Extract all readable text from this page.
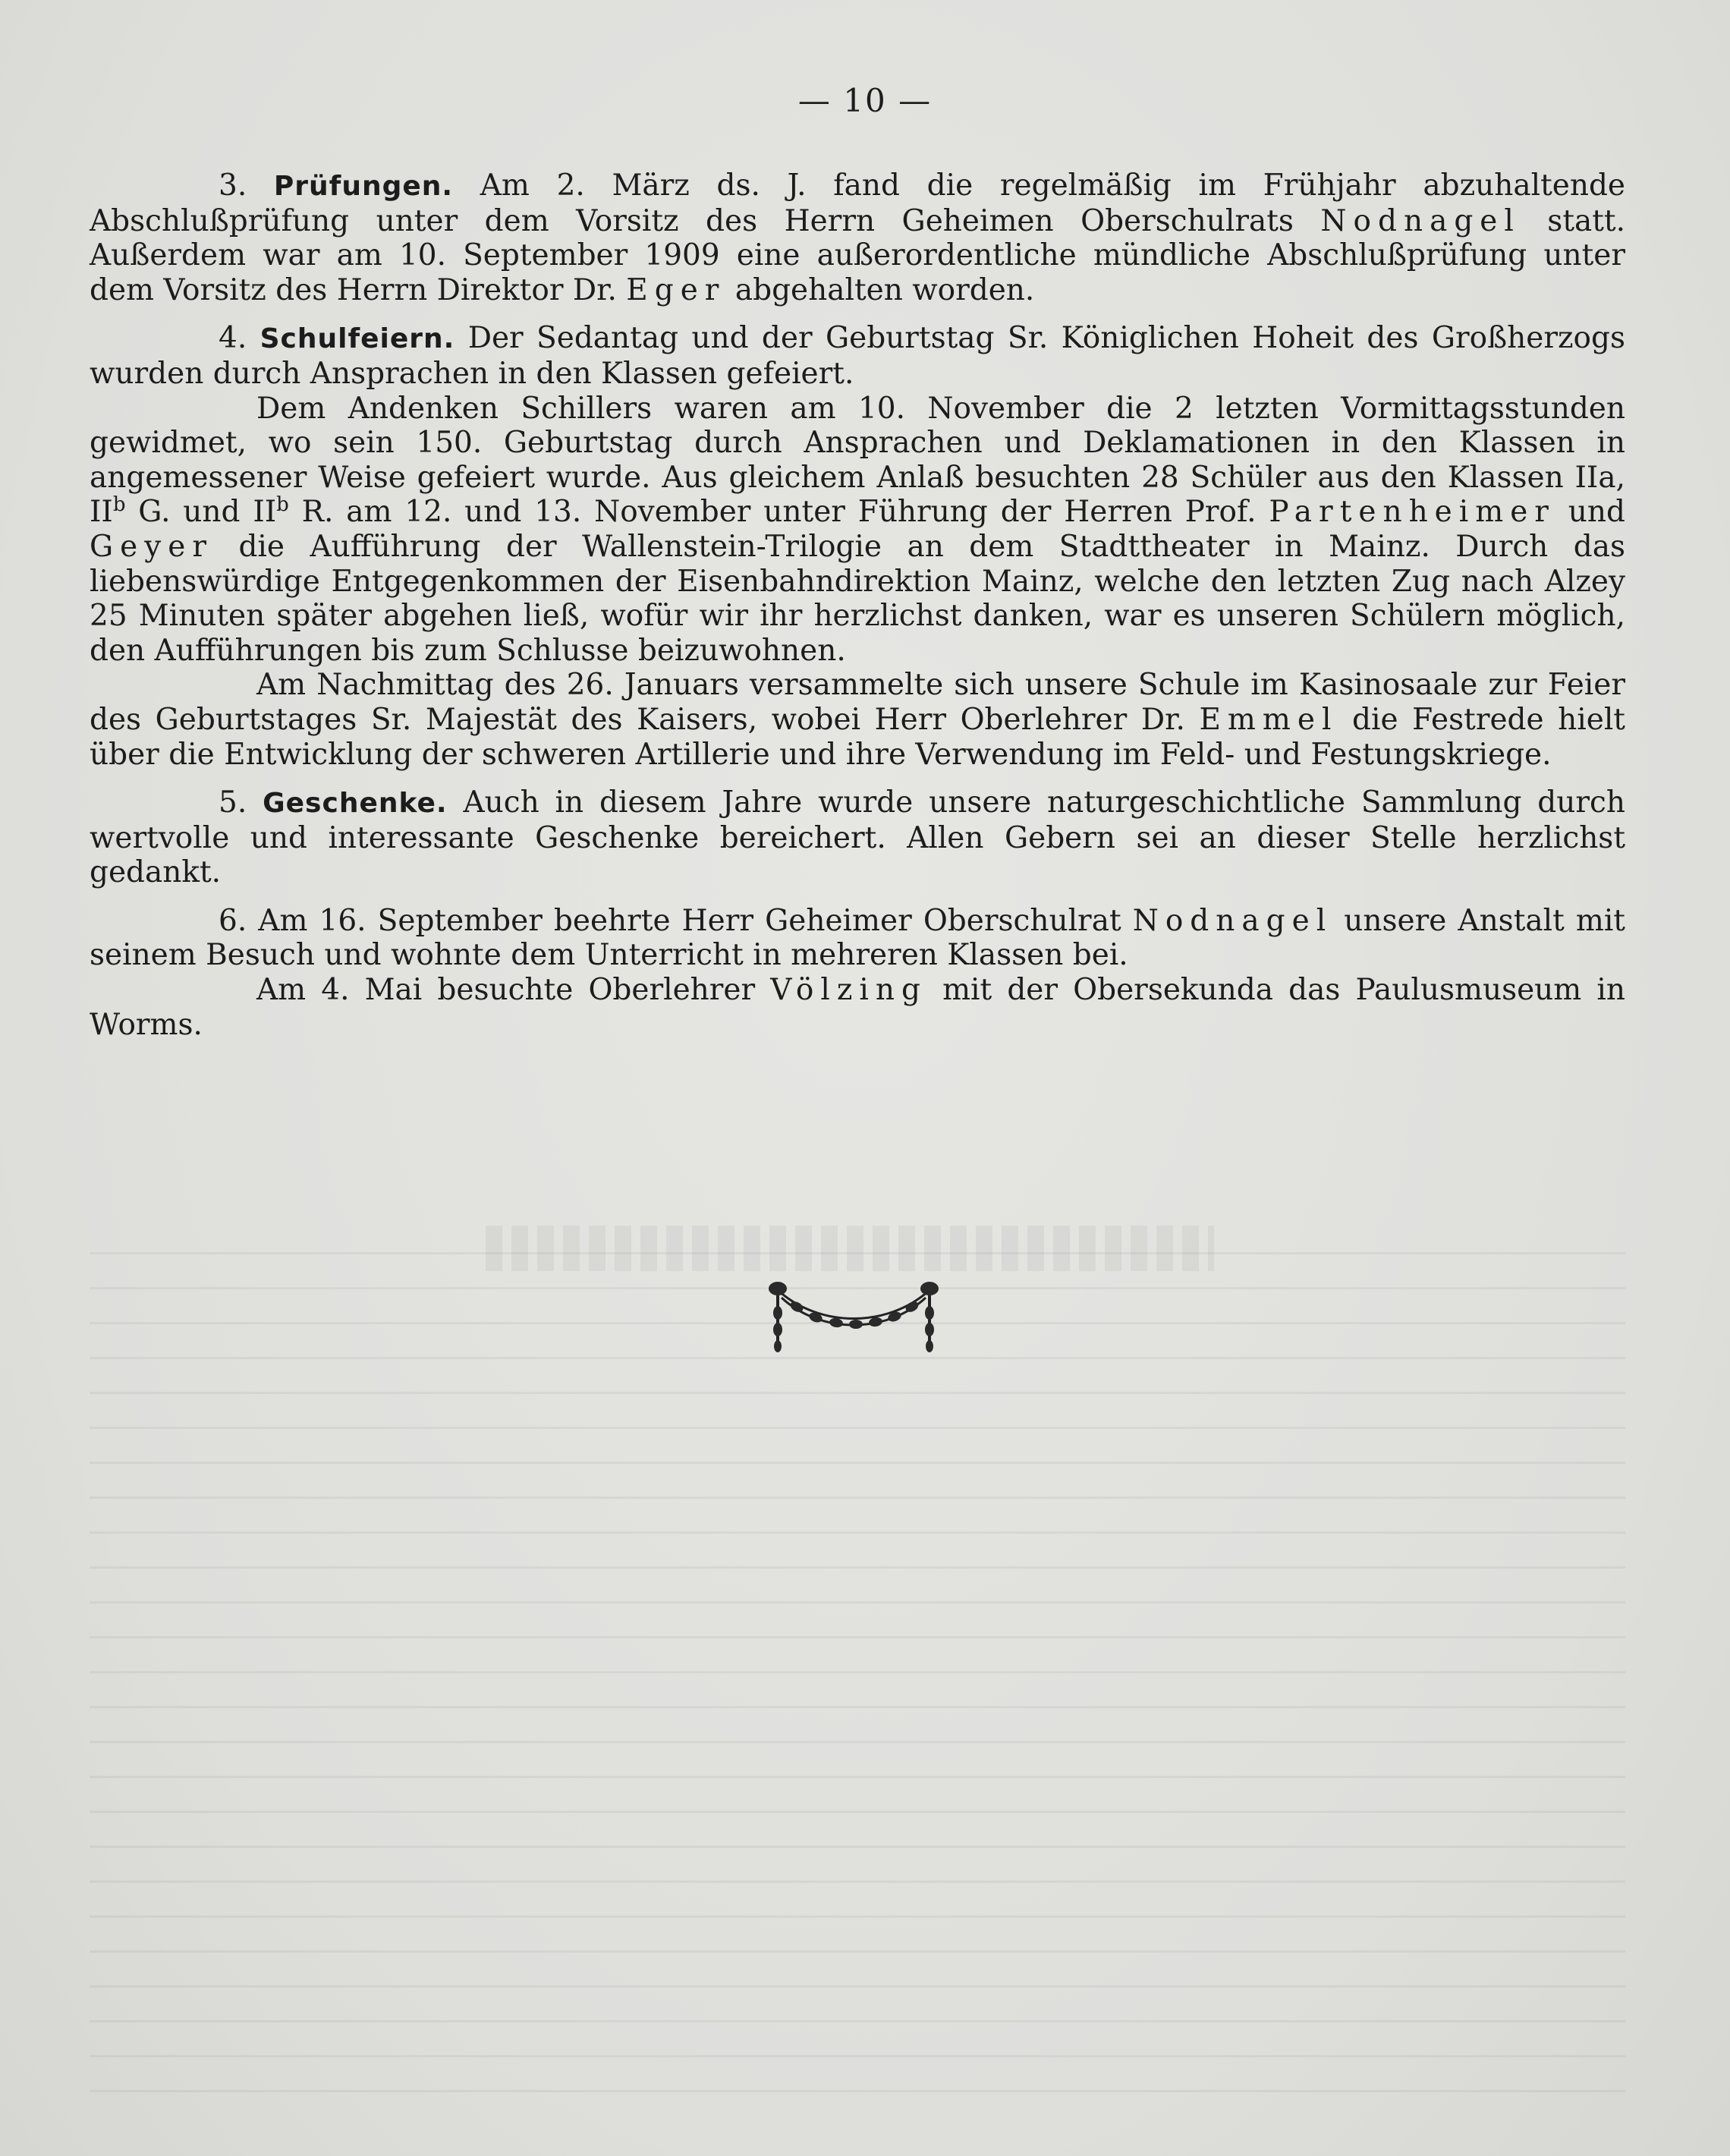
— 10 —

3. Prüfungen. Am 2. März ds. J. fand die regelmäßig im Frühjahr abzuhaltende Abschlußprüfung unter dem Vorsitz des Herrn Geheimen Oberschulrats Nodnagel statt. Außerdem war am 10. September 1909 eine außerordentliche mündliche Abschlußprüfung unter dem Vorsitz des Herrn Direktor Dr. Eger abgehalten worden.

4. Schulfeiern. Der Sedantag und der Geburtstag Sr. Königlichen Hoheit des Großherzogs wurden durch Ansprachen in den Klassen gefeiert.

Dem Andenken Schillers waren am 10. November die 2 letzten Vormittagsstunden gewidmet, wo sein 150. Geburtstag durch Ansprachen und Deklamationen in den Klassen in angemessener Weise gefeiert wurde. Aus gleichem Anlaß besuchten 28 Schüler aus den Klassen IIa, $II^b$ G. und $II^b$ R. am 12. und 13. November unter Führung der Herren Prof. Partenheimer und Geyer die Aufführung der Wallenstein-Trilogie an dem Stadttheater in Mainz. Durch das liebenswürdige Entgegenkommen der Eisenbahndirektion Mainz, welche den letzten Zug nach Alzey 25 Minuten später abgehen ließ, wofür wir ihr herzlichst danken, war es unseren Schülern möglich, den Aufführungen bis zum Schlusse beizuwohnen.

Am Nachmittag des 26. Januars versammelte sich unsere Schule im Kasinosaale zur Feier des Geburtstages Sr. Majestät des Kaisers, wobei Herr Oberlehrer Dr. Emmel die Festrede hielt über die Entwicklung der schweren Artillerie und ihre Verwendung im Feld- und Festungskriege.

5. Geschenke. Auch in diesem Jahre wurde unsere naturgeschichtliche Sammlung durch wertvolle und interessante Geschenke bereichert. Allen Gebern sei an dieser Stelle herzlichst gedankt.

6. Am 16. September beehrte Herr Geheimer Oberschulrat Nodnagel unsere Anstalt mit seinem Besuch und wohnte dem Unterricht in mehreren Klassen bei.

Am 4. Mai besuchte Oberlehrer Völzing mit der Obersekunda das Paulusmuseum in Worms.
